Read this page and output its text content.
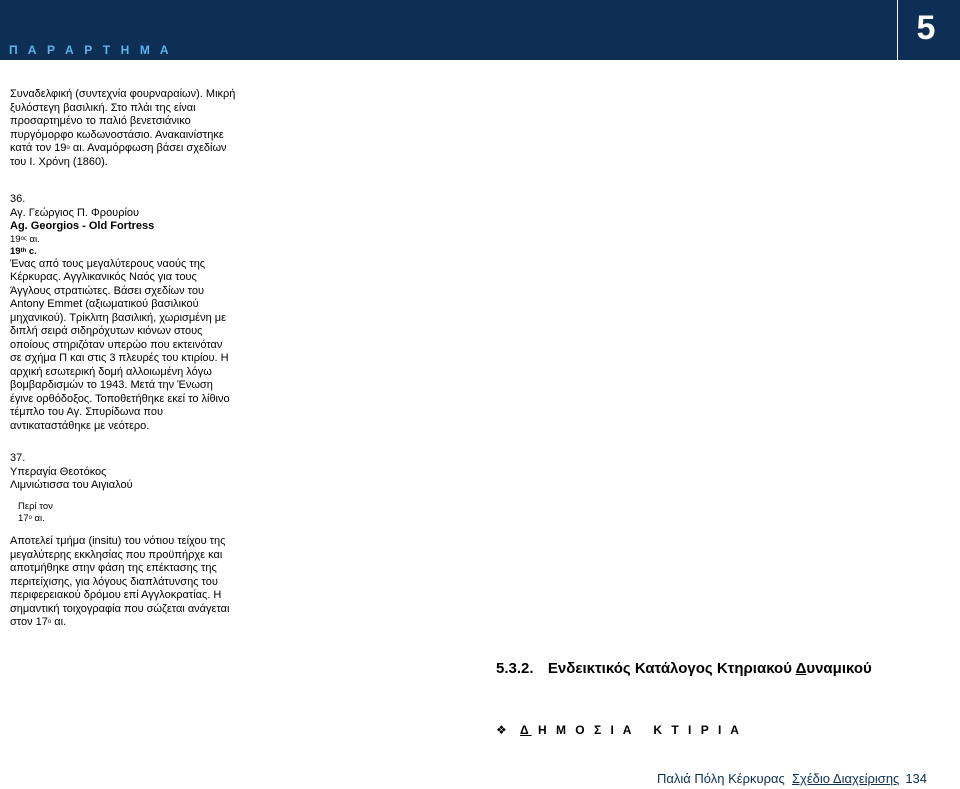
Π Α Ρ Α Ρ Τ Η Μ Α
5
Συναδελφική (συντεχνία φουρναραίων). Μικρή
ξυλόστεγη βασιλική. Στο πλάι της είναι
προσαρτημένο το παλιό βενετσιάνικο
πυργόμορφο κωδωνοστάσιο. Ανακαινίστηκε
κατά τον $19^o$ αι. Αναμόρφωση βάσει σχεδίων
του Ι. Χρόνη (1860).
36.
Αγ. Γεώργιος Π. Φρουρίου
Ag. Georgios - Old Fortress
$19^{o\varsigma}$ αι.
19th c.
Ένας από τους μεγαλύτερους ναούς της
Κέρκυρας. Αγγλικανικός Ναός για τους
Άγγλους στρατιώτες. Βάσει σχεδίων του
Antony Emmet (αξιωματικού βασιλικού
μηχανικού). Τρίκλιτη βασιλική, χωρισμένη με
διπλή σειρά σιδηρόχυτων κιόνων στους
οποίους στηριζόταν υπερώο που εκτεινόταν
σε σχήμα Π και στις 3 πλευρές του κτιρίου. Η
αρχική εσωτερική δομή αλλοιωμένη λόγω
βομβαρδισμών το 1943. Μετά την Ένωση
έγινε ορθόδοξος. Τοποθετήθηκε εκεί το λίθινο
τέμπλο του Αγ. Σπυρίδωνα που
αντικαταστάθηκε με νεότερο.
37.
Υπεραγία Θεοτόκος
Λιμνιώτισσα του Αιγιαλού
Περί τον
$17^o$ αι.
Αποτελεί τμήμα (insitu) του νότιου τείχου της
μεγαλύτερης εκκλησίας που προϋπήρχε και
αποτμήθηκε στην φάση της επέκτασης της
περιτείχισης, για λόγους διαπλάτυνσης του
περιφερειακού δρόμου επί Αγγλοκρατίας. Η
σημαντική τοιχογραφία που σώζεται ανάγεται
στον $17^o$ αι.
5.3.2. Ενδεικτικός Κατάλογος Κτηριακού Δυναμικού
❖ Δ Η Μ Ο Σ Ι Α   Κ Τ Ι Ρ Ι Α
Παλιά Πόλη Κέρκυρας  Σχέδιο Διαχείρισης 134
